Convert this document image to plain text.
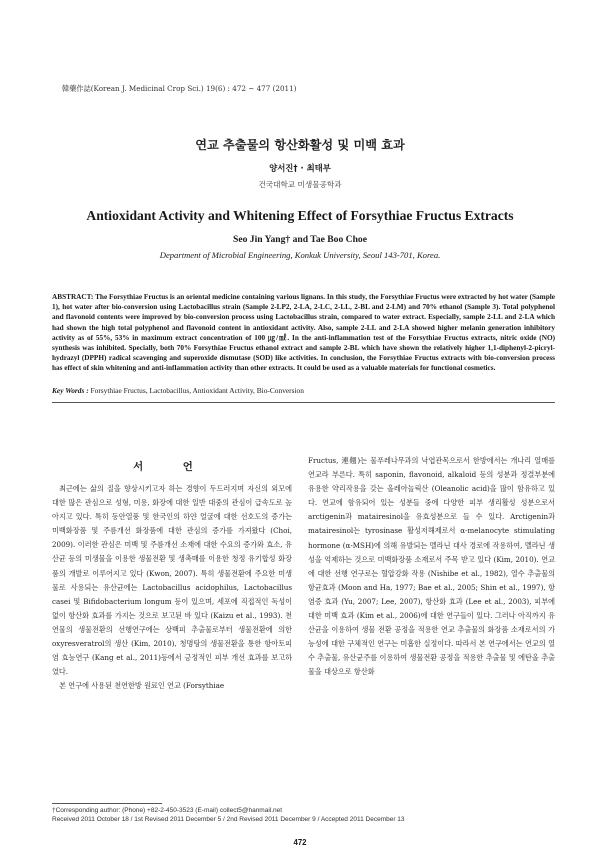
韓藥作誌(Korean J. Medicinal Crop Sci.) 19(6) : 472 ~ 477 (2011)
연교 추출물의 항산화활성 및 미백 효과
양서진† · 최태부
건국대학교 미생물공학과
Antioxidant Activity and Whitening Effect of Forsythiae Fructus Extracts
Seo Jin Yang† and Tae Boo Choe
Department of Microbial Engineering, Konkuk University, Seoul 143-701, Korea.
ABSTRACT: The Forsythiae Fructus is an oriental medicine containing various lignans. In this study, the Forsythiae Fructus were extracted by hot water (Sample 1), hot water after bio-conversion using Lactobacillus strain (Sample 2-LP2, 2-LA, 2-LC, 2-LL, 2-BL and 2-LM) and 70% ethanol (Sample 3). Total polyphenol and flavonoid contents were improved by bio-conversion process using Lactobacillus strain, compared to water extract. Especially, sample 2-LL and 2-LA which had shown the high total polyphenol and flavonoid content in antioxidant activity. Also, sample 2-LL and 2-LA showed higher melanin generation inhibitory activity as of 55%, 53% in maximum extract concentration of 100 ㎍/㎖. In the anti-inflammation test of the Forsythiae Fructus extracts, nitric oxide (NO) synthesis was inhibited. Specially, both 70% Forsythiae Fructus ethanol extract and sample 2-BL which have shown the relatively higher 1,1-diphenyl-2-picryl-hydrazyl (DPPH) radical scavenging and superoxide dismutase (SOD) like activities. In conclusion, the Forsythiae Fructus extracts with bio-conversion process has effect of skin whitening and anti-inflammation activity than other extracts. It could be used as a valuable materials for functional cosmetics.
Key Words : Forsythiae Fructus, Lactobacillus, Antioxidant Activity, Bio-Conversion
서 언

최근에는 삶의 질을 향상시키고자 하는 경향이 두드러지며 자신의 외모에 대한 많은 관심으로 성형, 미용, 화장에 대한 일반 대중의 관심이 급속도로 높아지고 있다. 특히 동안열풍 및 한국인의 하얀 얼굴에 대한 선호도의 증가는 미백화장품 및 주름개선 화장품에 대한 관심의 증가를 가져왔다 (Choi, 2009). 이러한 관심은 미백 및 주름개선 소재에 대한 수요의 증가와 효소, 유산균 등의 미생물을 이용한 생물전환 및 생촉매를 이용한 청정 유기합성 화장품의 개발로 이루어지고 있다 (Kwon, 2007). 특히 생물전환에 주요한 미생물로 사용되는 유산균에는 Lactobacillus acidophilus, Lactobacillus casei 및 Bifidobacterium longum 등이 있으며, 세포에 직접적인 독성이 없이 항산화 효과를 가지는 것으로 보고된 바 있다 (Kaizu et al., 1993). 천연물의 생물전환의 선행연구에는 상백피 추출물로부터 생물전환에 의한 oxyresveratrol의 생산 (Kim, 2010), 청명탕의 생물전환을 통한 항아토피염 효능연구 (Kang et al., 2011)등에서 긍정적인 피부 개선 효과를 보고하였다.

본 연구에 사용된 천연한방 원료인 연교 (Forsythiae

Fructus, 連翹)는 물푸레나무과의 낙엽관목으로서 한방에서는 개나리 열매를 연교라 부른다. 특히 saponin, flavonoid, alkaloid 등의 성분과 정결부분에 유용한 약리작용을 갖는 올레아놀릭산 (Oleanolic acid)을 많이 함유하고 있다. 연교에 함유되어 있는 성분들 중에 다양한 피부 생리활성 성분으로서 arctigenin과 matairesinol을 유효성분으로 들 수 있다. Arctigenin과 matairesinol는 tyrosinase 활성저해제로서 α-melanocyte stimulating hormone (α-MSH)에 의해 유발되는 멜라닌 대사 경로에 작용하여, 멜라닌 생성을 억제하는 것으로 미백화장품 소재로서 주목 받고 있다 (Kim, 2010). 연교에 대한 선행 연구로는 혈압강화 작용 (Nishibe et al., 1982), 열수 추출물의 항균효과 (Moon and Ha, 1977; Bae et al., 2005; Shin et al., 1997), 항염증 효과 (Yu, 2007; Lee, 2007), 항산화 효과 (Lee et al., 2003), 피부에 대한 미백 효과 (Kim et al., 2006)에 대한 연구들이 있다. 그러나 아직까지 유산균을 이용하여 생물 전환 공정을 적용한 연교 추출물의 화장품 소재로서의 가능성에 대한 구체적인 연구는 미흡한 실정이다. 따라서 본 연구에서는 연교의 열수 추출물, 유산균주를 이용하여 생물전환 공정을 적용한 추출물 및 에탄올 추출물을 대상으로 항산화

†Corresponding author: (Phone) +82-2-450-3523 (E-mail) collect5@hanmail.net
Received 2011 October 18 / 1st Revised 2011 December 5 / 2nd Revised 2011 December 9 / Accepted 2011 December 13
472
